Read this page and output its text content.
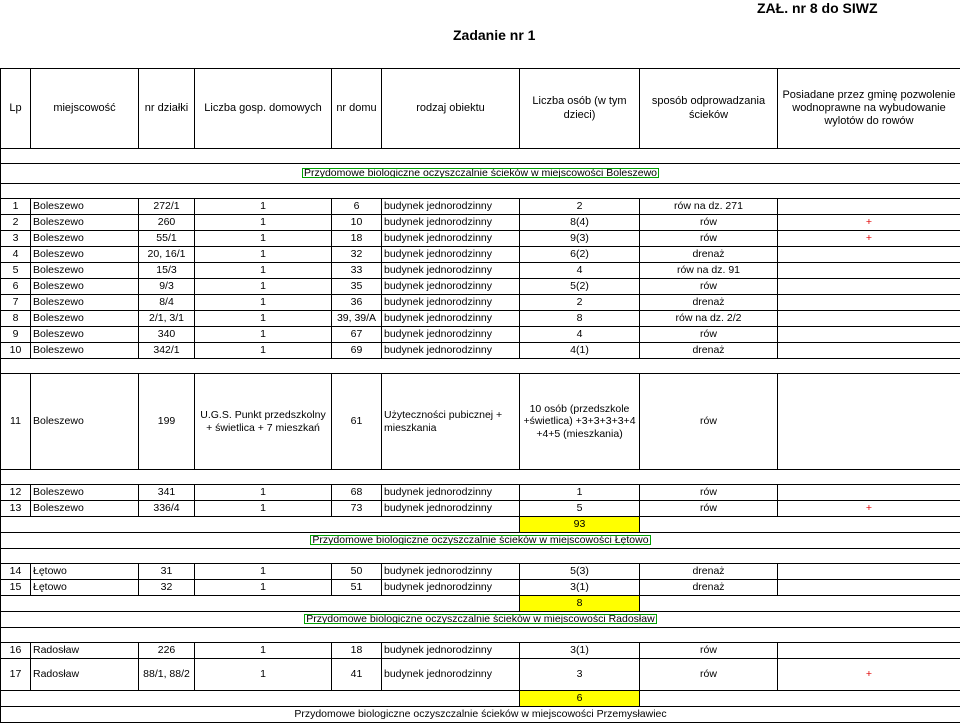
ZAŁ. nr 8 do SIWZ
Zadanie nr 1
Lp	miejscowość	nr działki	Liczba gosp. domowych	nr domu	rodzaj obiektu	Liczba osób (w tym dzieci)	sposób odprowadzania ścieków	Posiadane przez gminę pozwolenie wodnoprawne na wybudowanie wylotów do rowów

Przydomowe biologiczne oczyszczalnie ścieków w miejscowości Boleszewo								

1	Boleszewo	272/1	1	6	budynek jednorodzinny	2	rów na dz. 271	
2	Boleszewo	260	1	10	budynek jednorodzinny	8(4)	rów	+
3	Boleszewo	55/1	1	18	budynek jednorodzinny	9(3)	rów	+
4	Boleszewo	20, 16/1	1	32	budynek jednorodzinny	6(2)	drenaż	
5	Boleszewo	15/3	1	33	budynek jednorodzinny	4	rów na dz. 91	
6	Boleszewo	9/3	1	35	budynek jednorodzinny	5(2)	rów	
7	Boleszewo	8/4	1	36	budynek jednorodzinny	2	drenaż	
8	Boleszewo	2/1, 3/1	1	39, 39/A	budynek jednorodzinny	8	rów na dz. 2/2	
9	Boleszewo	340	1	67	budynek jednorodzinny	4	rów	
10	Boleszewo	342/1	1	69	budynek jednorodzinny	4(1)	drenaż	

11	Boleszewo	199	U.G.S. Punkt przedszkolny + świetlica + 7 mieszkań	61	Użyteczności pubicznej + mieszkania	10 osób (przedszkole +świetlica) +3+3+3+3+4 +4+5 (mieszkania)	rów	

12	Boleszewo	341	1	68	budynek jednorodzinny	1	rów	
13	Boleszewo	336/4	1	73	budynek jednorodzinny	5	rów	+
						93		
Przydomowe biologiczne oczyszczalnie ścieków w miejscowości Łętowo								

14	Łętowo	31	1	50	budynek jednorodzinny	5(3)	drenaż	
15	Łętowo	32	1	51	budynek jednorodzinny	3(1)	drenaż	
						8		
Przydomowe biologiczne oczyszczalnie ścieków w miejscowości Radosław								

16	Radosław	226	1	18	budynek jednorodzinny	3(1)	rów	
17	Radosław	88/1, 88/2	1	41	budynek jednorodzinny	3	rów	+
						6		
Przydomowe biologiczne oczyszczalnie ścieków w miejscowości Przemysławiec								
